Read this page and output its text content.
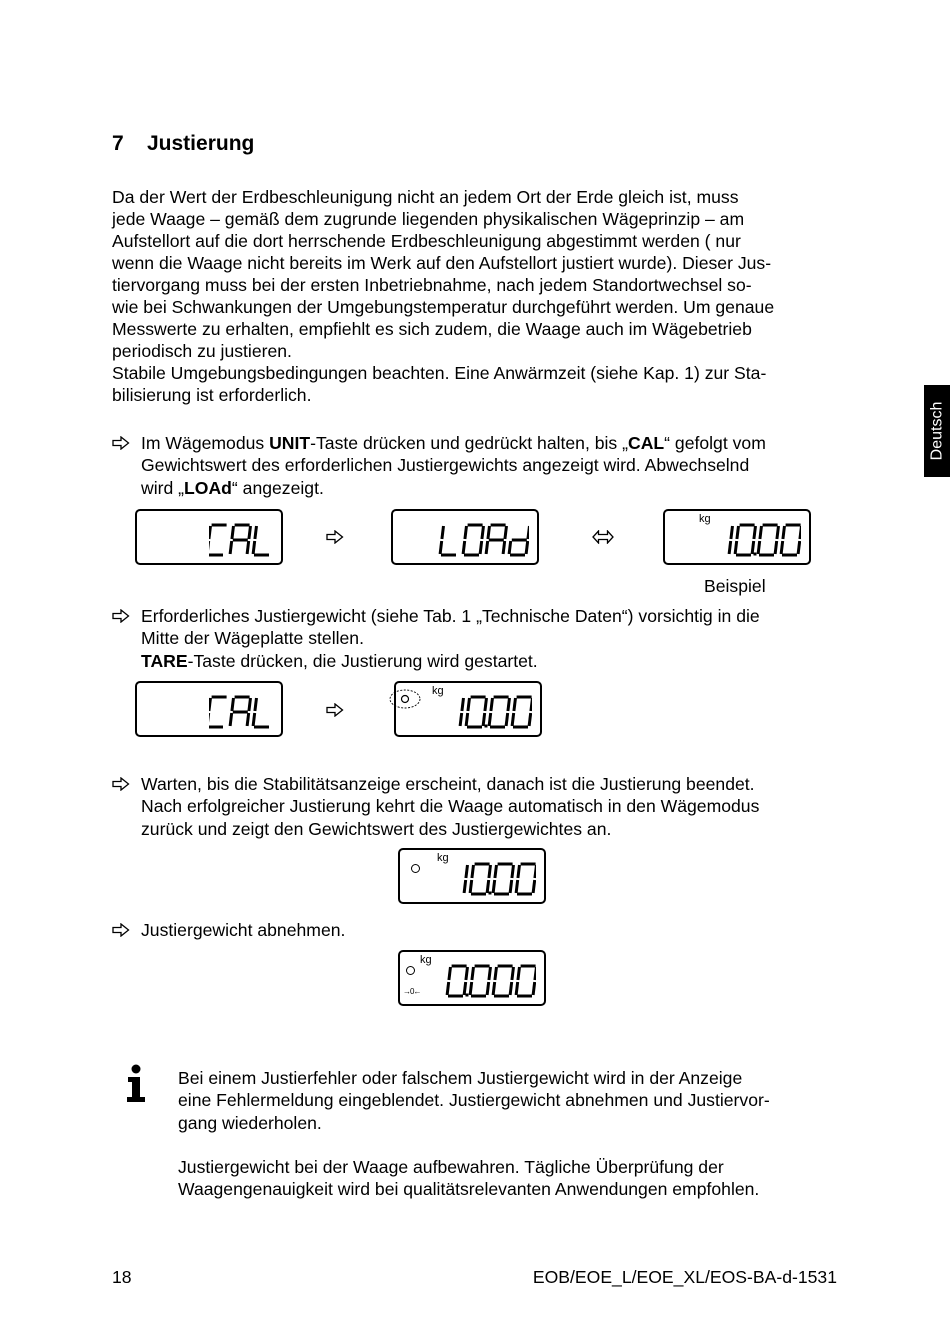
7 Justierung
Deutsch
Da der Wert der Erdbeschleunigung nicht an jedem Ort der Erde gleich ist, muss
jede Waage – gemäß dem zugrunde liegenden physikalischen Wägeprinzip – am
Aufstellort auf die dort herrschende Erdbeschleunigung abgestimmt werden ( nur
wenn die Waage nicht bereits im Werk auf den Aufstellort justiert wurde). Dieser Jus-
tiervorgang muss bei der ersten Inbetriebnahme, nach jedem Standortwechsel so-
wie bei Schwankungen der Umgebungstemperatur durchgeführt werden. Um genaue
Messwerte zu erhalten, empfiehlt es sich zudem, die Waage auch im Wägebetrieb
periodisch zu justieren.
Stabile Umgebungsbedingungen beachten. Eine Anwärmzeit (siehe Kap. 1) zur Sta-
bilisierung ist erforderlich.
Im Wägemodus UNIT-Taste drücken und gedrückt halten, bis „CAL“ gefolgt vom
Gewichtswert des erforderlichen Justiergewichts angezeigt wird. Abwechselnd
wird „LOAd“ angezeigt.
kg
Beispiel
Erforderliches Justiergewicht (siehe Tab. 1 „Technische Daten“) vorsichtig in die
Mitte der Wägeplatte stellen.
TARE-Taste drücken, die Justierung wird gestartet.
kg
Warten, bis die Stabilitätsanzeige erscheint, danach ist die Justierung beendet.
Nach erfolgreicher Justierung kehrt die Waage automatisch in den Wägemodus
zurück und zeigt den Gewichtswert des Justiergewichtes an.
kg
Justiergewicht abnehmen.
kg
→0←
Bei einem Justierfehler oder falschem Justiergewicht wird in der Anzeige
eine Fehlermeldung eingeblendet. Justiergewicht abnehmen und Justiervor-
gang wiederholen.

Justiergewicht bei der Waage aufbewahren. Tägliche Überprüfung der
Waagengenauigkeit wird bei qualitätsrelevanten Anwendungen empfohlen.
18	EOB/EOE_L/EOE_XL/EOS-BA-d-1531
